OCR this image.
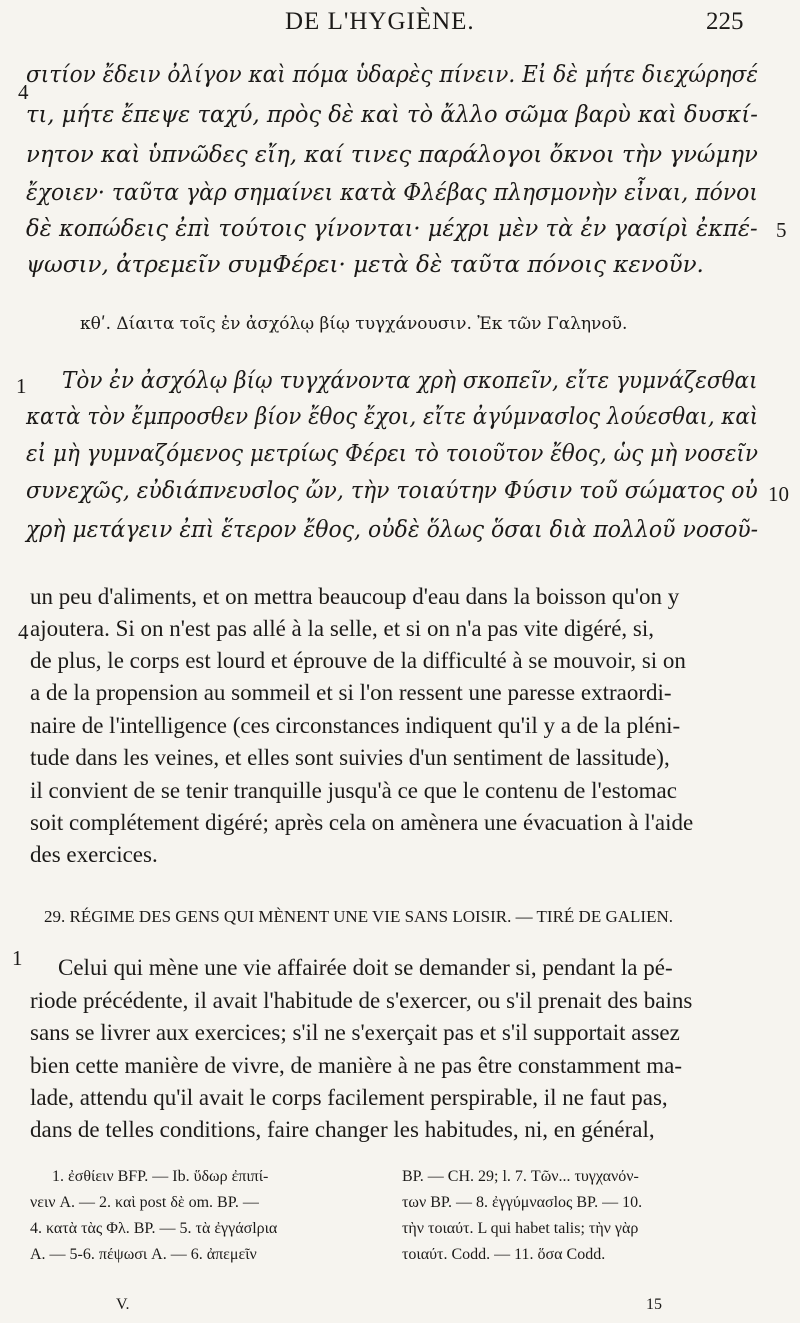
DE L'HYGIÈNE.	225
4
5
σιτίον ἔδειν ὀλίγον καὶ πόμα ὑδαρὲς πίνειν. Εἰ δὲ μήτε διεχώρησέ
τι, μήτε ἔπεψε ταχύ, πρὸς δὲ καὶ τὸ ἄλλο σῶμα βαρὺ καὶ δυσκί-
νητον καὶ ὑπνῶδες εἴη, καί τινες παράλογοι ὄκνοι τὴν γνώμην
ἔχοιεν· ταῦτα γὰρ σημαίνει κατὰ Φλέβας πλησμονὴν εἶναι, πόνοι
δὲ κοπώδεις ἐπὶ τούτοις γίνονται· μέχρι μὲν τὰ ἐν γασίρὶ ἐκπέ-
ψωσιν, ἀτρεμεῖν συμΦέρει· μετὰ δὲ ταῦτα πόνοις κενοῦν.
κθʹ. Δίαιτα τοῖς ἐν ἀσχόλῳ βίῳ τυγχάνουσιν. Ἐκ τῶν Γαληνοῦ.
1
10
Τὸν ἐν ἀσχόλῳ βίῳ τυγχάνοντα χρὴ σκοπεῖν, εἴτε γυμνάζεσθαι
κατὰ τὸν ἔμπροσθεν βίον ἔθος ἔχοι, εἴτε ἀγύμνασlος λούεσθαι, καὶ
εἰ μὴ γυμναζόμενος μετρίως Φέρει τὸ τοιοῦτον ἔθος, ὡς μὴ νοσεῖν
συνεχῶς, εὐδιάπνευσlος ὤν, τὴν τοιαύτην Φύσιν τοῦ σώματος οὐ
χρὴ μετάγειν ἐπὶ ἕτερον ἔθος, οὐδὲ ὅλως ὅσαι διὰ πολλοῦ νοσοῦ-
4
un peu d'aliments, et on mettra beaucoup d'eau dans la boisson qu'on y
ajoutera. Si on n'est pas allé à la selle, et si on n'a pas vite digéré, si,
de plus, le corps est lourd et éprouve de la difficulté à se mouvoir, si on
a de la propension au sommeil et si l'on ressent une paresse extraordi-
naire de l'intelligence (ces circonstances indiquent qu'il y a de la pléni-
tude dans les veines, et elles sont suivies d'un sentiment de lassitude),
il convient de se tenir tranquille jusqu'à ce que le contenu de l'estomac
soit complétement digéré; après cela on amènera une évacuation à l'aide
des exercices.
29. RÉGIME DES GENS QUI MÈNENT UNE VIE SANS LOISIR. — TIRÉ DE GALIEN.
1 Celui qui mène une vie affairée doit se demander si, pendant la pé-
riode précédente, il avait l'habitude de s'exercer, ou s'il prenait des bains
sans se livrer aux exercices; s'il ne s'exerçait pas et s'il supportait assez
bien cette manière de vivre, de manière à ne pas être constamment ma-
lade, attendu qu'il avait le corps facilement perspirable, il ne faut pas,
dans de telles conditions, faire changer les habitudes, ni, en général,
1. ἐσθίειν BFP. — Ib. ὕδωρ ἐπιπί-
νειν A. — 2. καὶ post δὲ om. BP. —
4. κατὰ τὰς Φλ. BP. — 5. τὰ ἐγγάσlρια
A. — 5-6. πέψωσι A. — 6. ἀπεμεῖν
BP. — CH. 29; l. 7. Τῶν... τυγχανόν-
των BP. — 8. ἐγγύμνασlος BP. — 10.
τὴν τοιαύτ. L qui habet talis; τὴν γὰρ
τοιαύτ. Codd. — 11. ὅσα Codd.
V.	15
